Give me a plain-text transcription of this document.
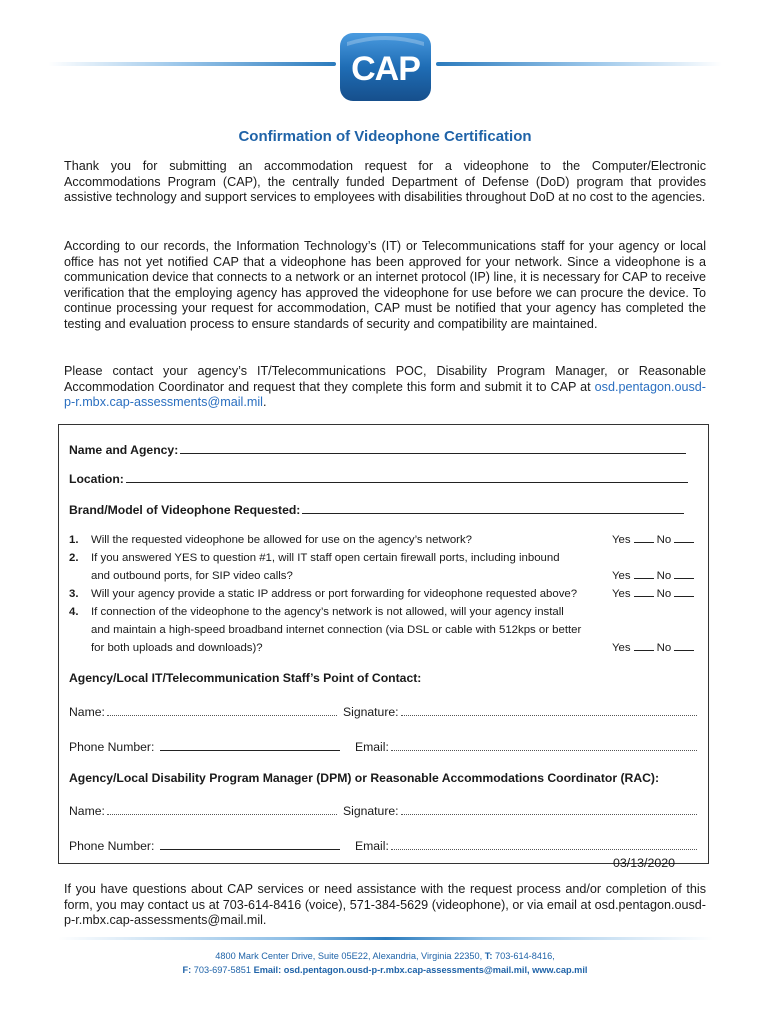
CAP
Confirmation of Videophone Certification

Thank you for submitting an accommodation request for a videophone to the Computer/Electronic Accommodations Program (CAP), the centrally funded Department of Defense (DoD) program that provides assistive technology and support services to employees with disabilities throughout DoD at no cost to the agencies.

According to our records, the Information Technology’s (IT) or Telecommunications staff for your agency or local office has not yet notified CAP that a videophone has been approved for your network. Since a videophone is a communication device that connects to a network or an internet protocol (IP) line, it is necessary for CAP to receive verification that the employing agency has approved the videophone for use before we can procure the device. To continue processing your request for accommodation, CAP must be notified that your agency has completed the testing and evaluation process to ensure standards of security and compatibility are maintained.

Please contact your agency’s IT/Telecommunications POC, Disability Program Manager, or Reasonable Accommodation Coordinator and request that they complete this form and submit it to CAP at osd.pentagon.ousd-p-r.mbx.cap-assessments@mail.mil.

Name and Agency:
Location:
Brand/Model of Videophone Requested:
1. Will the requested videophone be allowed for use on the agency’s network?	Yes No
2. If you answered YES to question #1, will IT staff open certain firewall ports, including inbound
and outbound ports, for SIP video calls?	Yes No
3. Will your agency provide a static IP address or port forwarding for videophone requested above?	Yes No
4. If connection of the videophone to the agency’s network is not allowed, will your agency install
and maintain a high-speed broadband internet connection (via DSL or cable with 512kps or better
for both uploads and downloads)?	Yes No
Agency/Local IT/Telecommunication Staff’s Point of Contact:
Name:	Signature:
Phone Number:	Email:
Agency/Local Disability Program Manager (DPM) or Reasonable Accommodations Coordinator (RAC):
Name:	Signature:
Phone Number:	Email:
03/13/2020

If you have questions about CAP services or need assistance with the request process and/or completion of this form, you may contact us at 703-614-8416 (voice), 571-384-5629 (videophone), or via email at osd.pentagon.ousd-p-r.mbx.cap-assessments@mail.mil.

4800 Mark Center Drive, Suite 05E22, Alexandria, Virginia 22350, T: 703-614-8416,
F: 703-697-5851 Email: osd.pentagon.ousd-p-r.mbx.cap-assessments@mail.mil, www.cap.mil
